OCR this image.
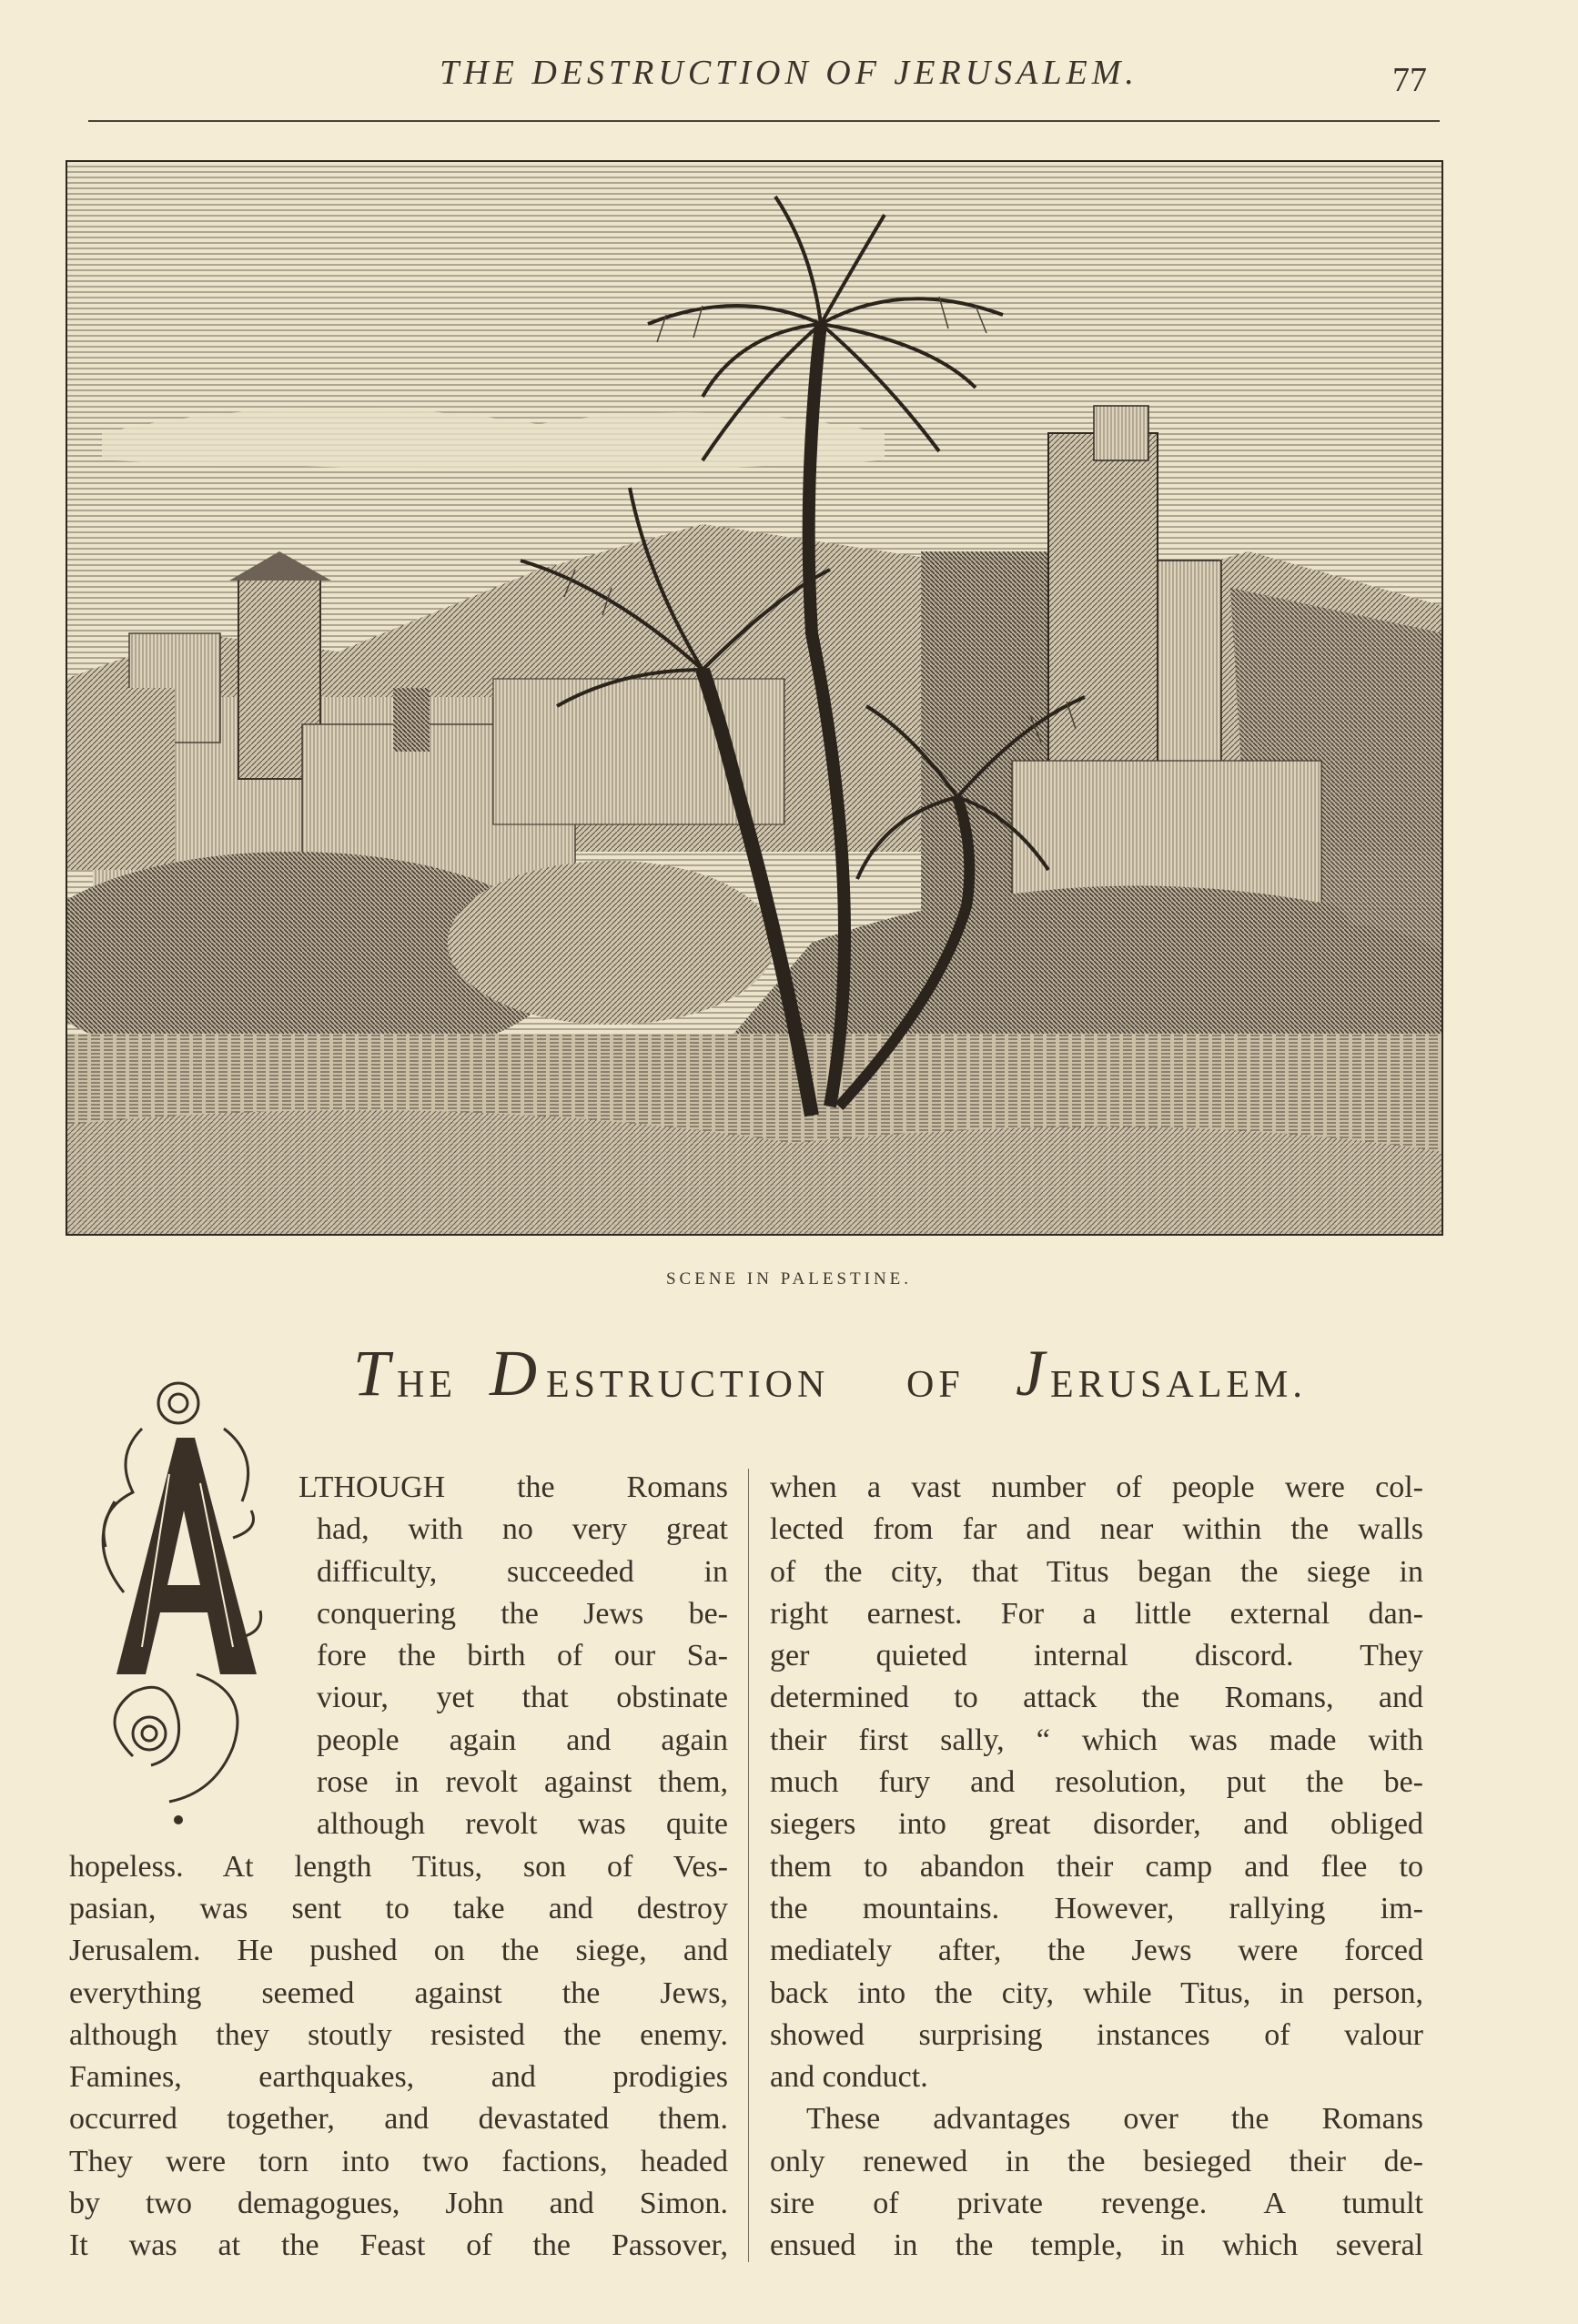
THE DESTRUCTION OF JERUSALEM.	77
SCENE IN PALESTINE.
T HE D ESTRUCTION OF J ERUSALEM.
LTHOUGH the Romans
had, with no very great
difficulty, succeeded in
conquering the Jews be-
fore the birth of our Sa-
viour, yet that obstinate
people again and again
rose in revolt against them,
although revolt was quite
hopeless. At length Titus, son of Ves-
pasian, was sent to take and destroy
Jerusalem. He pushed on the siege, and
everything seemed against the Jews,
although they stoutly resisted the enemy.
Famines, earthquakes, and prodigies
occurred together, and devastated them.
They were torn into two factions, headed
by two demagogues, John and Simon.
It was at the Feast of the Passover,
when a vast number of people were col-
lected from far and near within the walls
of the city, that Titus began the siege in
right earnest. For a little external dan-
ger quieted internal discord. They
determined to attack the Romans, and
their first sally, “ which was made with
much fury and resolution, put the be-
siegers into great disorder, and obliged
them to abandon their camp and flee to
the mountains. However, rallying im-
mediately after, the Jews were forced
back into the city, while Titus, in person,
showed surprising instances of valour
and conduct.
These advantages over the Romans
only renewed in the besieged their de-
sire of private revenge. A tumult
ensued in the temple, in which several
